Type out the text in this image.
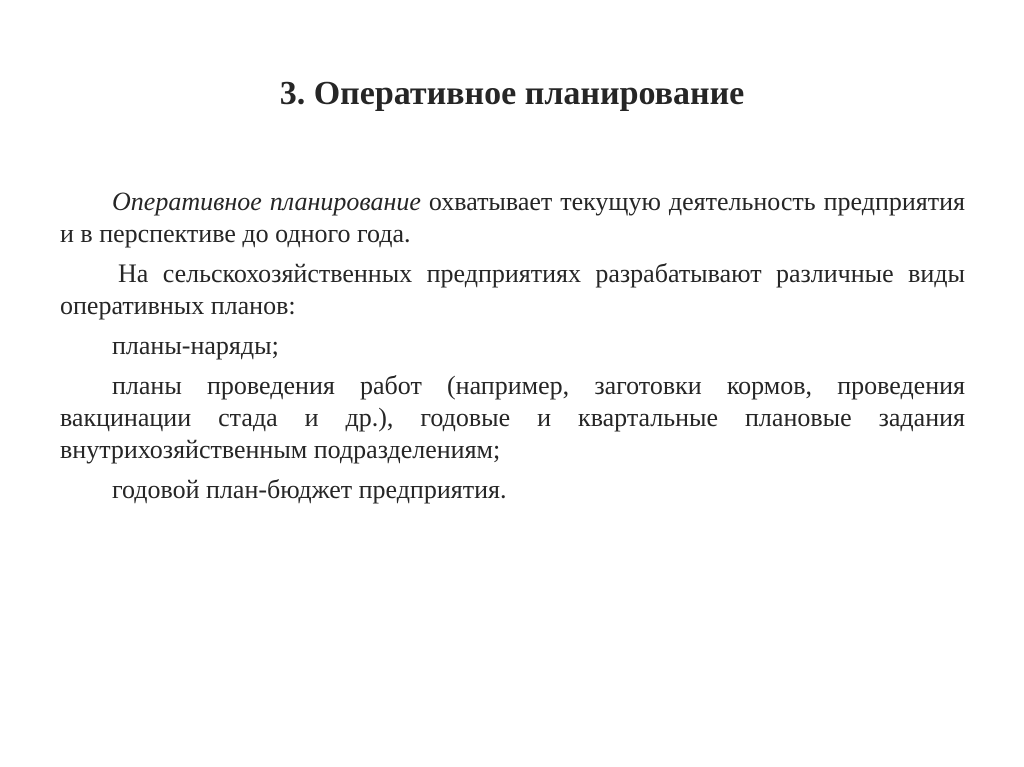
3. Оперативное планирование

Оперативное планирование охватывает текущую деятельность предприятия и в перспективе до одного года.

На сельскохозяйственных предприятиях разрабатывают различные виды оперативных планов:

планы-наряды;

планы проведения работ (например, заготовки кормов, проведения вакцинации стада и др.), годовые и квартальные плановые задания внутрихозяйственным подразделениям;

годовой план-бюджет предприятия.
